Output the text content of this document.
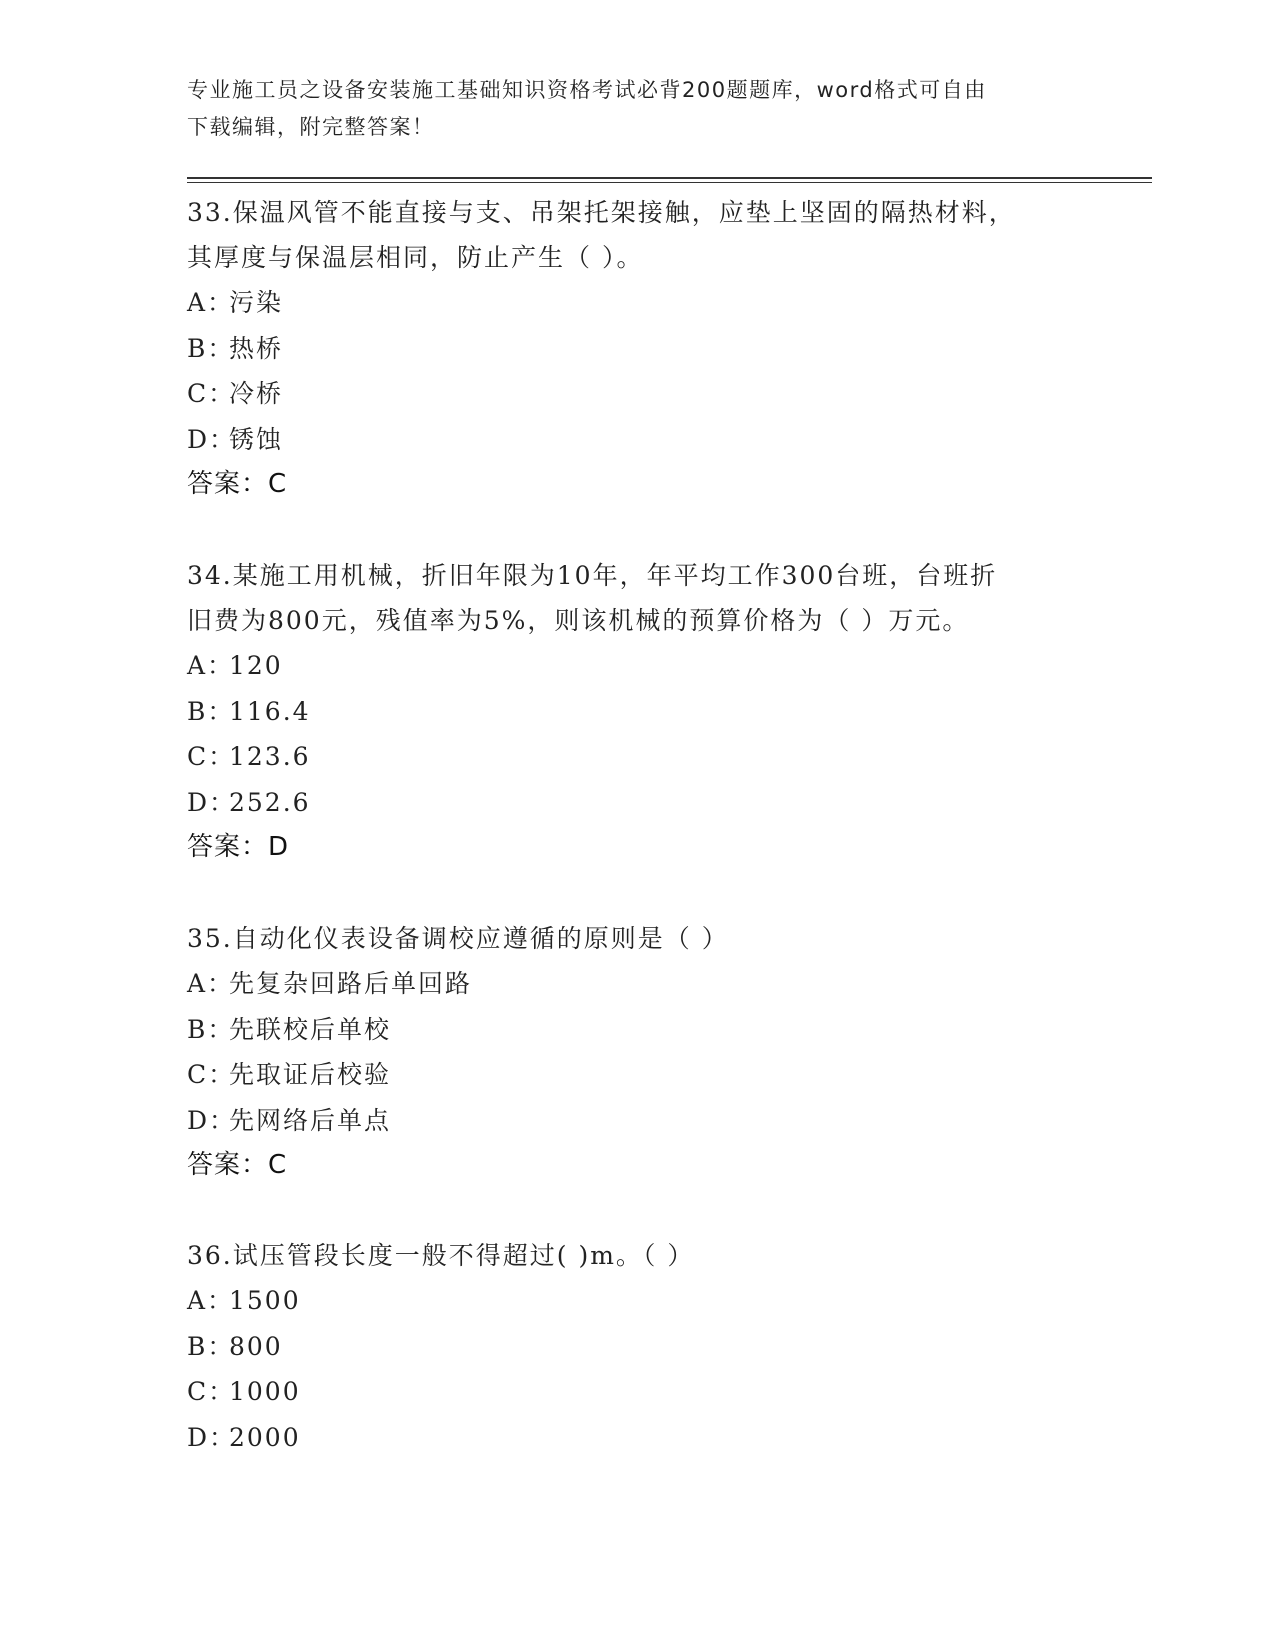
专业施工员之设备安装施工基础知识资格考试必背200题题库，word格式可自由
下载编辑，附完整答案！

33.保温风管不能直接与支、吊架托架接触，应垫上坚固的隔热材料，

其厚度与保温层相同，防止产生（ ）。

A：污染

B：热桥

C：冷桥

D：锈蚀

答案：C

34.某施工用机械，折旧年限为10年，年平均工作300台班，台班折

旧费为800元，残值率为5%，则该机械的预算价格为（ ）万元。

A：120

B：116.4

C：123.6

D：252.6

答案：D

35.自动化仪表设备调校应遵循的原则是（ ）

A：先复杂回路后单回路

B：先联校后单校

C：先取证后校验

D：先网络后单点

答案：C

36.试压管段长度一般不得超过( )m。（ ）

A：1500

B：800

C：1000

D：2000
